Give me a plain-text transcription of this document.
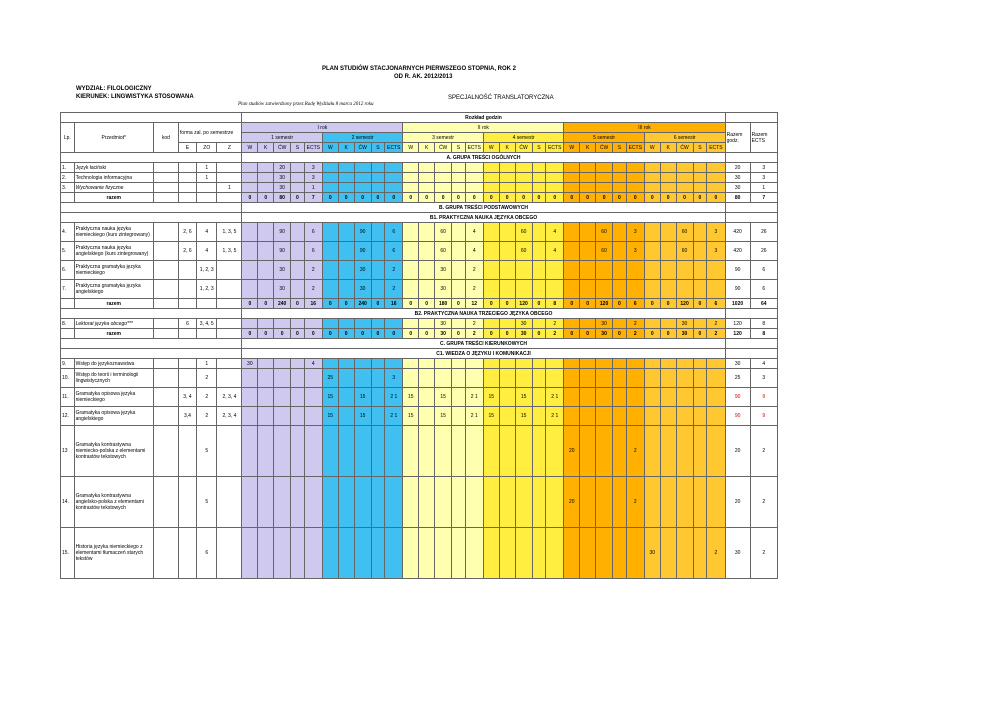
PLAN STUDIÓW STACJONARNYCH PIERWSZEGO STOPNIA, ROK 2
OD R. AK. 2012/2013
WYDZIAŁ: FILOLOGICZNY
KIERUNEK: LINGWISTYKA STOSOWANA	SPECJALNOŚĆ TRANSLATORYCZNA
Plan studiów zatwierdzony przez Radę Wydziału 8 marca 2012 roku
						Rozkład godzin																															
Lp.	Przedmiot*	kod	forma zal. po semestrze			I rok										II rok										III rok										Razem godz.	Razem ECTS
						1 semestr					2 semestr					3 semestr					4 semestr					5 semestr					6 semestr						
			E	ZO	Z	W	K	ĆW	S	ECTS	W	K	ĆW	S	ECTS	W	K	ĆW	S	ECTS	W	K	ĆW	S	ECTS	W	K	ĆW	S	ECTS	W	K	ĆW	S	ECTS		
						A. GRUPA TREŚCI OGÓLNYCH																															
1.	Język łaciński			1				20		3																										20	3
2.	Technologia informacyjna			1				30		3																										30	3
3.	Wychowanie fizyczne				1			30		1																										30	1
	razem					0	0	80	0	7	0	0	0	0	0	0	0	0	0	0	0	0	0	0	0	0	0	0	0	0	0	0	0	0	0	80	7
						B. GRUPA TREŚCI PODSTAWOWYCH																															
						B1. PRAKTYCZNA NAUKA JĘZYKA OBCEGO																															
4.	Praktyczna nauka języka niemieckiego (kurs zintegrowany)		2, 6	4	1, 3, 5			90		6			90		6			60		4			60		4			60		3			60		3	420	26
5.	Praktyczna nauka języka angielskiego (kurs zintegrowany)		2, 6	4	1, 3, 5			90		6			90		6			60		4			60		4			60		3			60		3	420	26
6.	Praktyczna gramatyka języka niemieckiego			1, 2, 3				30		2			30		2			30		2																90	6
7.	Praktyczna gramatyka języka angielskiego			1, 2, 3				30		2			30		2			30		2																90	6
	razem					0	0	240	0	16	0	0	240	0	16	0	0	180	0	12	0	0	120	0	8	0	0	120	0	6	0	0	120	0	6	1020	64
						B2. PRAKTYCZNA NAUKA TRZECIEGO JĘZYKA OBCEGO																															
8.	Lektorat języka obcego***		6	3, 4, 5														30		2			30		2			30		2			30		2	120	8
	razem					0	0	0	0	0	0	0	0	0	0	0	0	30	0	2	0	0	30	0	2	0	0	30	0	2	0	0	30	0	2	120	8
						C. GRUPA TREŚCI KIERUNKOWYCH																															
						C1. WIEDZA O JĘZYKU I KOMUNIKACJI																															
9.	Wstęp do językoznawstwa			1		30				4																										30	4
10.	Wstęp do teorii i terminologii lingwistycznych			2							25				3																					25	3
11.	Gramatyka opisowa języka niemieckiego		3, 4	2	2, 3, 4						15		15		2 1	15		15		2 1	15		15		2 1											90	9
12.	Gramatyka opisowa języka angielskiego		3,4	2	2, 3, 4						15		15		2 1	15		15		2 1	15		15		2 1											90	9
13	Gramatyka kontrastywna niemiecko-polska z elementami kontrastów tekstowych			5																						20				2						20	2
14.	Gramatyka kontrastywna angielsko-polska z elementami kontrastów tekstowych			5																						20				2						20	2
15.	Historia języka niemieckiego z elementami tłumaczeń starych tekstów			6																											30				2	30	2
